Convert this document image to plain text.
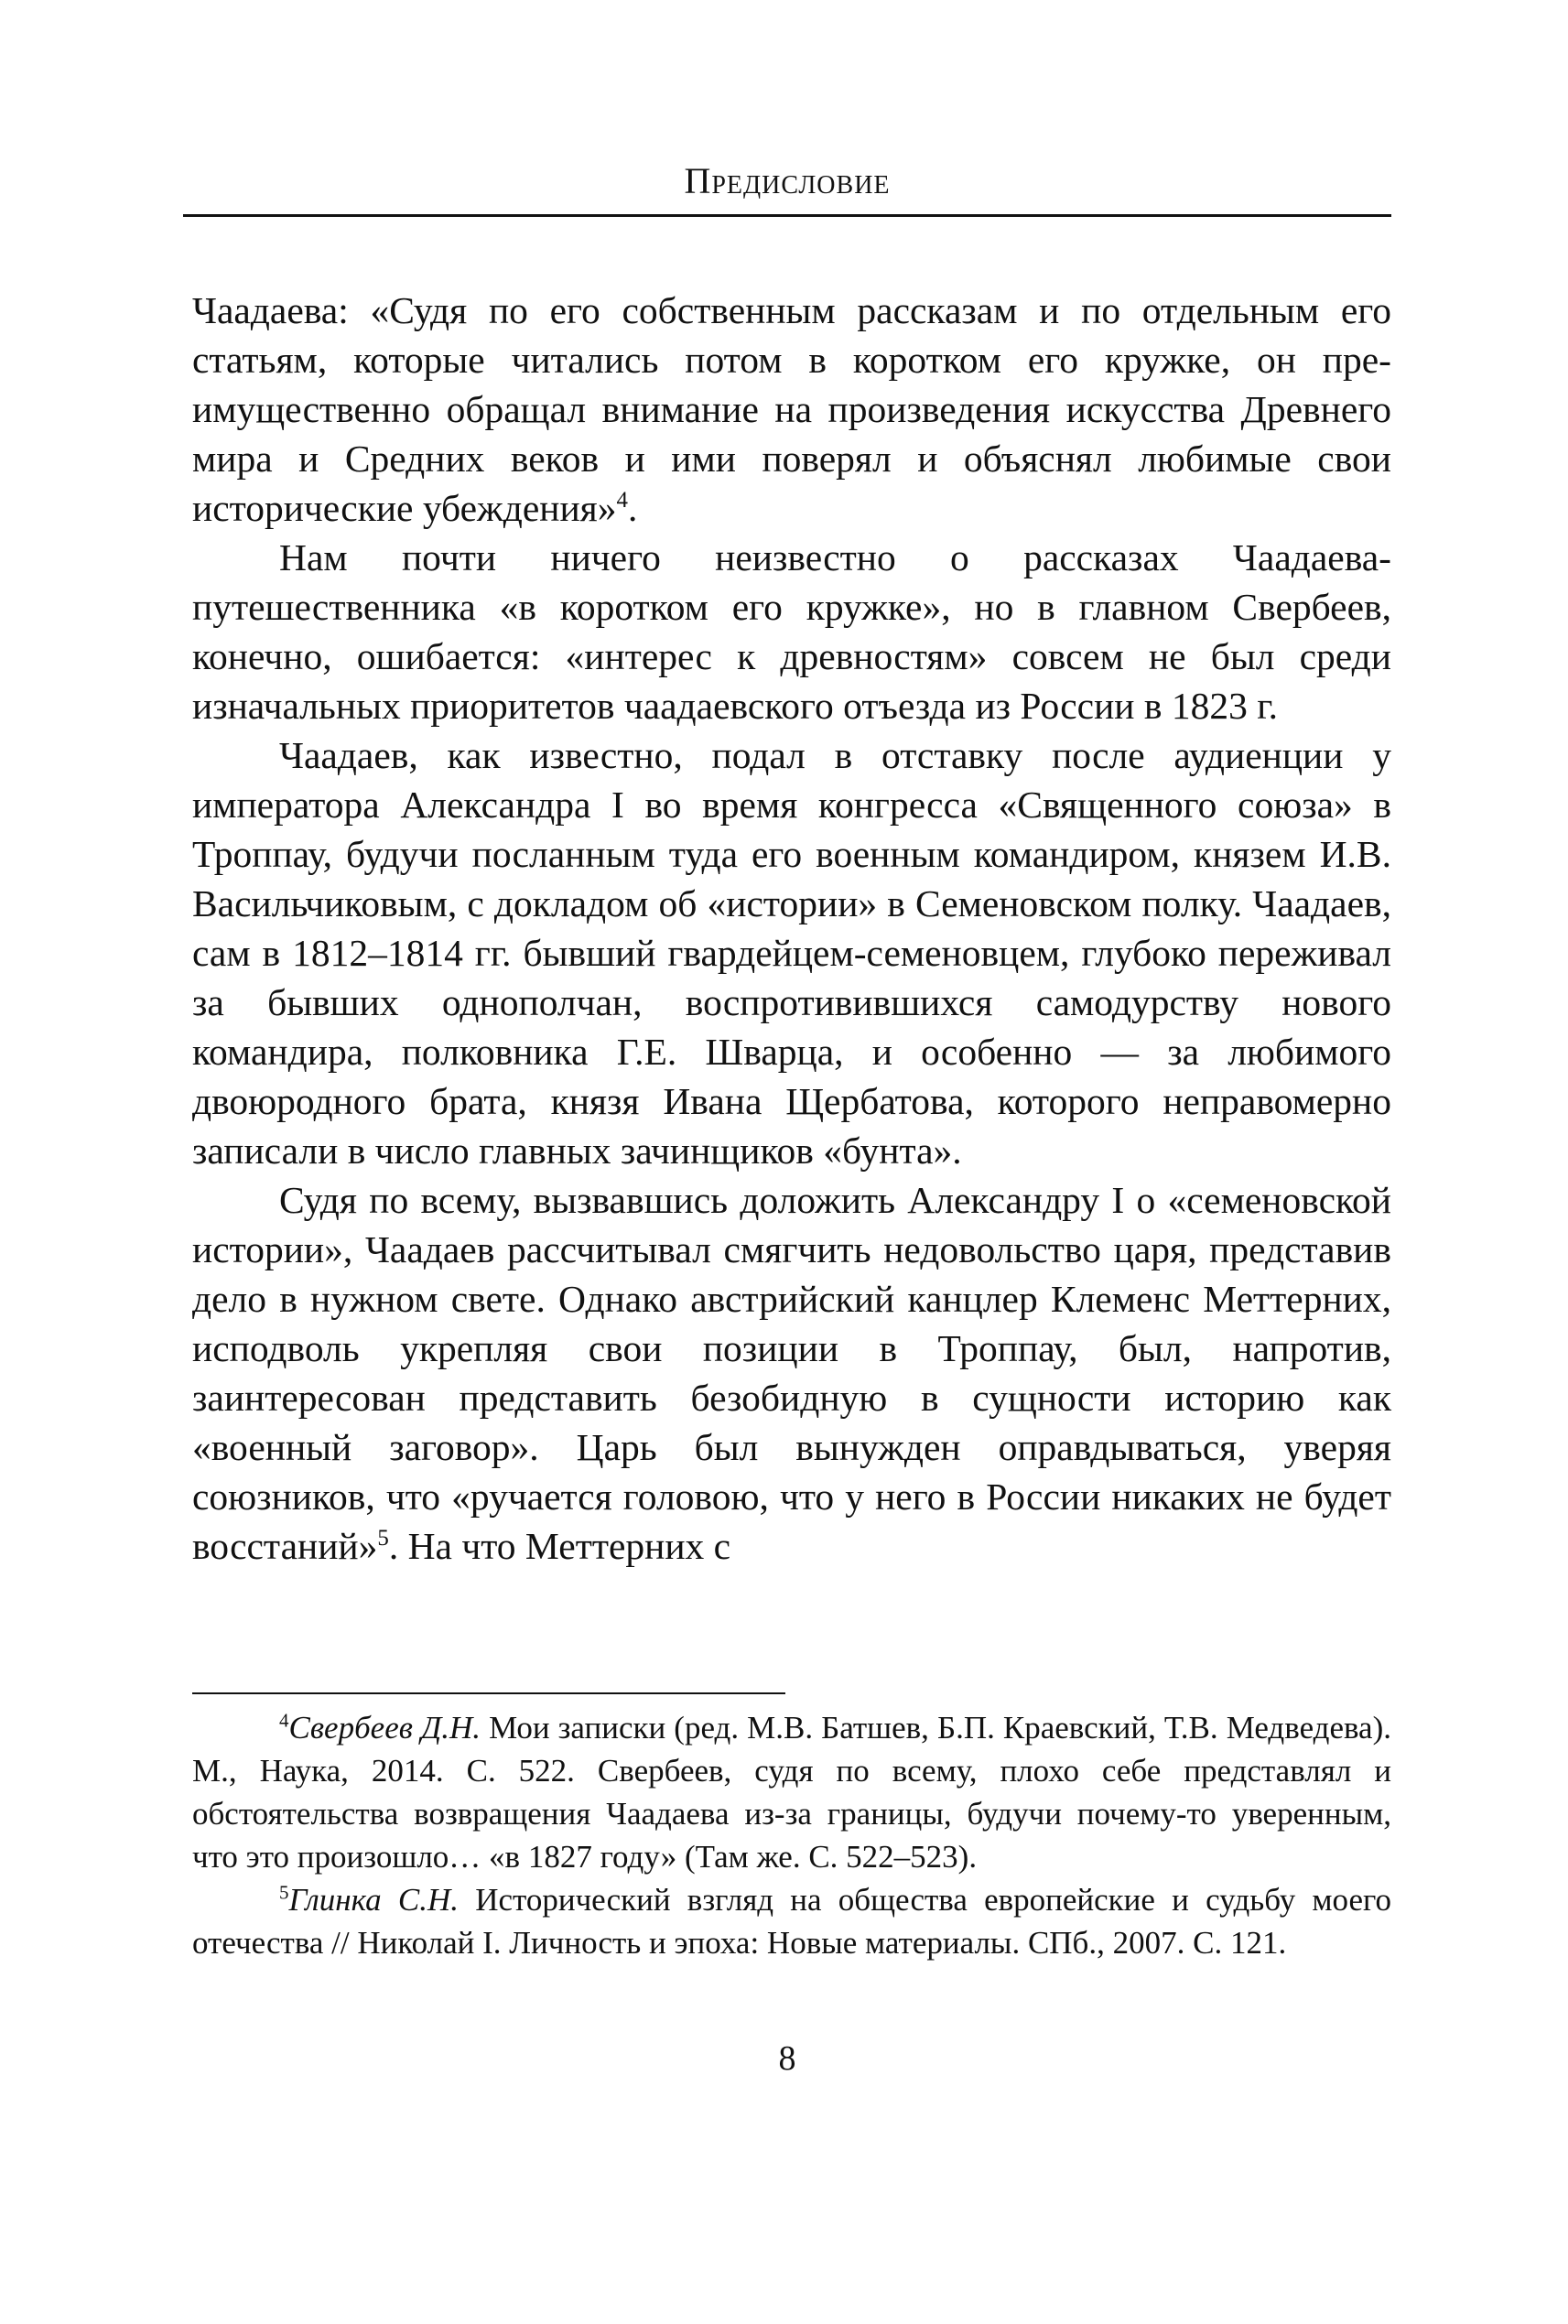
Предисловие

Чаадаева: «Судя по его собственным рассказам и по отдельным его статьям, которые читались потом в коротком его кружке, он преимущественно обращал внимание на произведения искусства Древнего мира и Средних веков и ими поверял и объяснял любимые свои исторические убеждения»$^4$.

Нам почти ничего неизвестно о рассказах Чаадаева-путешественника «в коротком его кружке», но в главном Свербеев, конечно, ошибается: «интерес к древностям» совсем не был среди изначальных приоритетов чаадаевского отъезда из России в 1823 г.

Чаадаев, как известно, подал в отставку после аудиенции у императора Александра I во время конгресса «Священного союза» в Троппау, будучи посланным туда его военным командиром, князем И.В. Васильчиковым, с докладом об «истории» в Семеновском полку. Чаадаев, сам в 1812–1814 гг. бывший гвардейцем-семеновцем, глубоко переживал за бывших однополчан, воспротивившихся самодурству нового командира, полковника Г.Е. Шварца, и особенно — за любимого двоюродного брата, князя Ивана Щербатова, которого неправомерно записали в число главных зачинщиков «бунта».

Судя по всему, вызвавшись доложить Александру I о «семеновской истории», Чаадаев рассчитывал смягчить недовольство царя, представив дело в нужном свете. Однако австрийский канцлер Клеменс Меттерних, исподволь укрепляя свои позиции в Троппау, был, напротив, заинтересован представить безобидную в сущности историю как «военный заговор». Царь был вынужден оправдываться, уверяя союзников, что «ручается головою, что у него в России никаких не будет восстаний»$^5$. На что Меттерних с

$^4$Свербеев Д.Н. Мои записки (ред. М.В. Батшев, Б.П. Краевский, Т.В. Медведева). М., Наука, 2014. С. 522. Свербеев, судя по всему, плохо себе представлял и обстоятельства возвращения Чаадаева из-за границы, будучи почему-то уверенным, что это произошло… «в 1827 году» (Там же. С. 522–523).

$^5$Глинка С.Н. Исторический взгляд на общества европейские и судьбу моего отечества // Николай I. Личность и эпоха: Новые материалы. СПб., 2007. С. 121.

8
